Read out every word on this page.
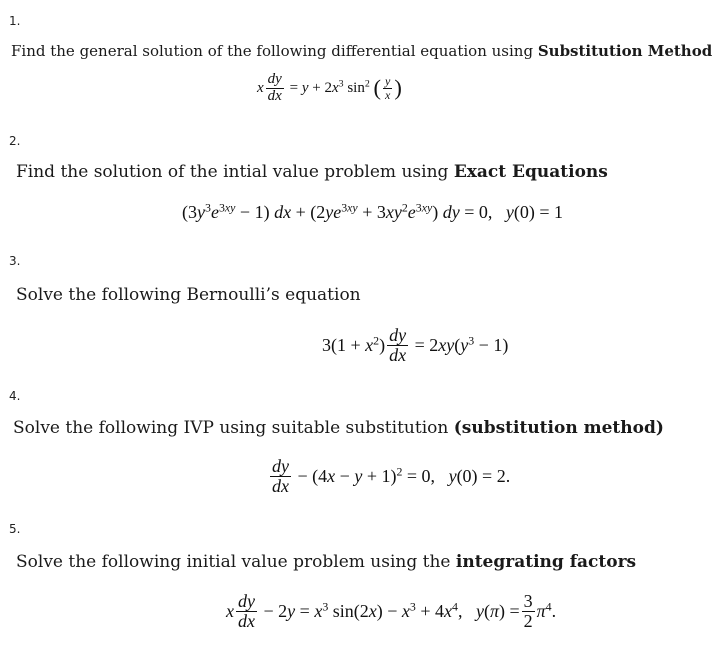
1.
Find the general solution of the following differential equation using Substitution Method
x $\frac{dy}{dx} = y + 2x^3$ $\sin^2$ ( $\frac{y}{x}$ )
2.
Find the solution of the intial value problem using Exact Equations
$(3y^3e^{3xy} - 1)$ dx + $(2ye^{3xy} + 3xy^2e^{3xy})$ dy = 0,   y(0) = 1
3.
Solve the following Bernoulli’s equation
$3(1 + x^2) \frac{dy}{dx} = 2xy(y^3 - 1)$
4.
Solve the following IVP using suitable substitution (substitution method)
$\frac{dy}{dx} - (4x - y + 1)^2 = 0$,   y(0) = 2.
5.
Solve the following initial value problem using the integrating factors
x $\frac{dy}{dx} - 2y = x^3$ $\sin(2x) - x^3 + 4x^4$,   $y(\pi) = \frac{3}{2} \pi^4$.
